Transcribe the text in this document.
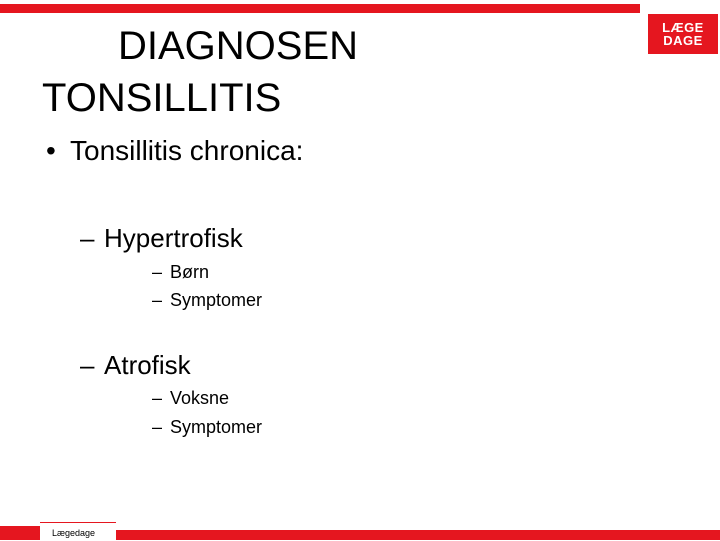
LÆGE
DAGE
DIAGNOSEN
TONSILLITIS
• Tonsillitis chronica:
– Hypertrofisk
– Børn
– Symptomer
– Atrofisk
– Voksne
– Symptomer
Lægedage
